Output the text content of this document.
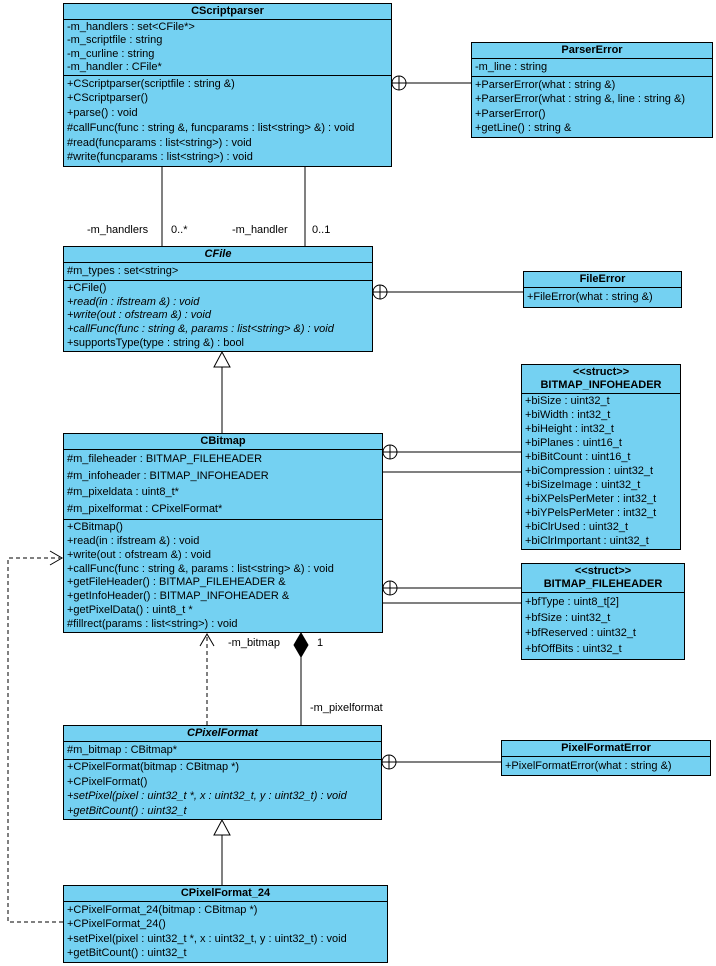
CScriptparser
-m_handlers : set<CFile*>
-m_scriptfile : string
-m_curline : string
-m_handler : CFile*
+CScriptparser(scriptfile : string &)
+CScriptparser()
+parse() : void
#callFunc(func : string &, funcparams : list<string> &) : void
#read(funcparams : list<string>) : void
#write(funcparams : list<string>) : void
ParserError
-m_line : string
+ParserError(what : string &)
+ParserError(what : string &, line : string &)
+ParserError()
+getLine() : string &
CFile
#m_types : set<string>
+CFile()
+read(in : ifstream &) : void
+write(out : ofstream &) : void
+callFunc(func : string &, params : list<string> &) : void
+supportsType(type : string &) : bool
FileError
+FileError(what : string &)
CBitmap
#m_fileheader : BITMAP_FILEHEADER
#m_infoheader : BITMAP_INFOHEADER
#m_pixeldata : uint8_t*
#m_pixelformat : CPixelFormat*
+CBitmap()
+read(in : ifstream &) : void
+write(out : ofstream &) : void
+callFunc(func : string &, params : list<string> &) : void
+getFileHeader() : BITMAP_FILEHEADER &
+getInfoHeader() : BITMAP_INFOHEADER &
+getPixelData() : uint8_t *
#fillrect(params : list<string>) : void
<<struct>>
BITMAP_INFOHEADER
+biSize : uint32_t
+biWidth : int32_t
+biHeight : int32_t
+biPlanes : uint16_t
+biBitCount : uint16_t
+biCompression : uint32_t
+biSizeImage : uint32_t
+biXPelsPerMeter : int32_t
+biYPelsPerMeter : int32_t
+biClrUsed : uint32_t
+biClrImportant : uint32_t
<<struct>>
BITMAP_FILEHEADER
+bfType : uint8_t[2]
+bfSize : uint32_t
+bfReserved : uint32_t
+bfOffBits : uint32_t
CPixelFormat
#m_bitmap : CBitmap*
+CPixelFormat(bitmap : CBitmap *)
+CPixelFormat()
+setPixel(pixel : uint32_t *, x : uint32_t, y : uint32_t) : void
+getBitCount() : uint32_t
PixelFormatError
+PixelFormatError(what : string &)
CPixelFormat_24
+CPixelFormat_24(bitmap : CBitmap *)
+CPixelFormat_24()
+setPixel(pixel : uint32_t *, x : uint32_t, y : uint32_t) : void
+getBitCount() : uint32_t
-m_handlers 0..*	-m_handler 0..1
-m_bitmap	1
-m_pixelformat
